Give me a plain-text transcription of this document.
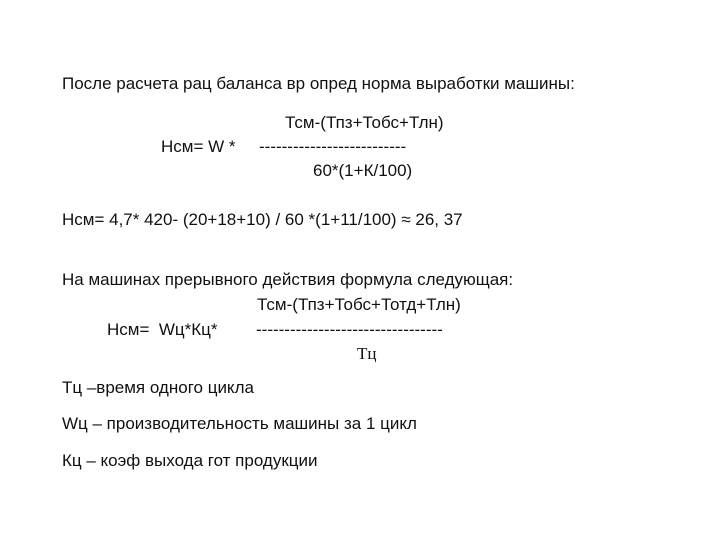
После расчета рац баланса вр опред норма выработки машины:
Тсм-(Тпз+Тобс+Тлн)
Нсм= W * --------------------------
60*(1+К/100)
Нсм= 4,7* 420- (20+18+10) / 60 *(1+11/100) ≈ 26, 37
На машинах прерывного действия формула следующая:
Тсм-(Тпз+Тобс+Тотд+Тлн)
Нсм=  Wц*Кц* ---------------------------------
Тц
Тц –время одного цикла
Wц – производительность машины за 1 цикл
Кц – коэф выхода гот продукции
